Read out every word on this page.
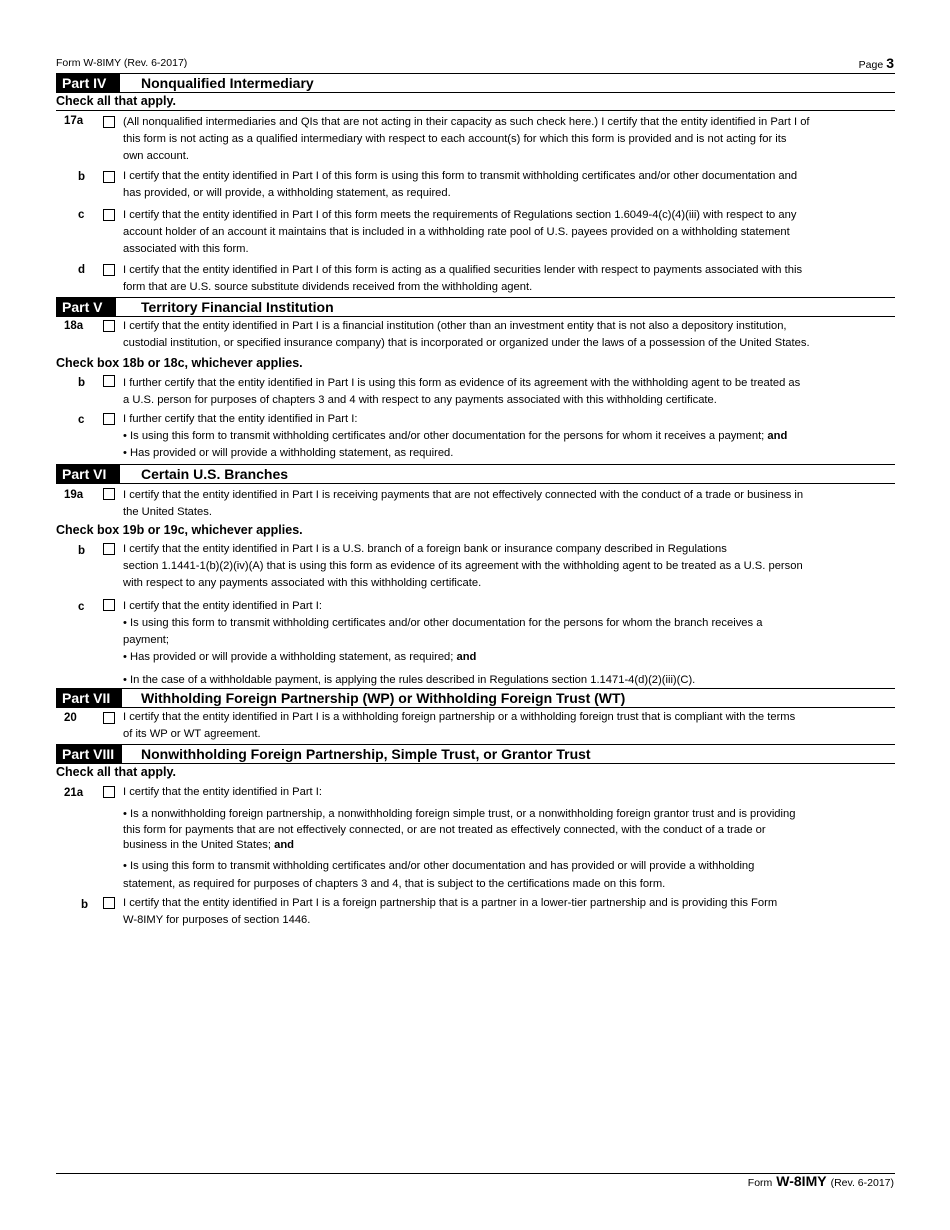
Form W-8IMY (Rev. 6-2017)	Page 3
Part IV	Nonqualified Intermediary
Check all that apply.
17a	(All nonqualified intermediaries and QIs that are not acting in their capacity as such check here.) I certify that the entity identified in Part I of
this form is not acting as a qualified intermediary with respect to each account(s) for which this form is provided and is not acting for its
own account.
b	I certify that the entity identified in Part I of this form is using this form to transmit withholding certificates and/or other documentation and
has provided, or will provide, a withholding statement, as required.
c	I certify that the entity identified in Part I of this form meets the requirements of Regulations section 1.6049-4(c)(4)(iii) with respect to any
account holder of an account it maintains that is included in a withholding rate pool of U.S. payees provided on a withholding statement
associated with this form.
d	I certify that the entity identified in Part I of this form is acting as a qualified securities lender with respect to payments associated with this
form that are U.S. source substitute dividends received from the withholding agent.
Part V	Territory Financial Institution
18a	I certify that the entity identified in Part I is a financial institution (other than an investment entity that is not also a depository institution,
custodial institution, or specified insurance company) that is incorporated or organized under the laws of a possession of the United States.
Check box 18b or 18c, whichever applies.
b	I further certify that the entity identified in Part I is using this form as evidence of its agreement with the withholding agent to be treated as
a U.S. person for purposes of chapters 3 and 4 with respect to any payments associated with this withholding certificate.
c	I further certify that the entity identified in Part I:
• Is using this form to transmit withholding certificates and/or other documentation for the persons for whom it receives a payment; and
• Has provided or will provide a withholding statement, as required.
Part VI	Certain U.S. Branches
19a	I certify that the entity identified in Part I is receiving payments that are not effectively connected with the conduct of a trade or business in
the United States.
Check box 19b or 19c, whichever applies.
b	I certify that the entity identified in Part I is a U.S. branch of a foreign bank or insurance company described in Regulations
section 1.1441-1(b)(2)(iv)(A) that is using this form as evidence of its agreement with the withholding agent to be treated as a U.S. person
with respect to any payments associated with this withholding certificate.
c	I certify that the entity identified in Part I:
• Is using this form to transmit withholding certificates and/or other documentation for the persons for whom the branch receives a
payment;
• Has provided or will provide a withholding statement, as required; and
• In the case of a withholdable payment, is applying the rules described in Regulations section 1.1471-4(d)(2)(iii)(C).
Part VII	Withholding Foreign Partnership (WP) or Withholding Foreign Trust (WT)
20	I certify that the entity identified in Part I is a withholding foreign partnership or a withholding foreign trust that is compliant with the terms
of its WP or WT agreement.
Part VIII	Nonwithholding Foreign Partnership, Simple Trust, or Grantor Trust
Check all that apply.
21a	I certify that the entity identified in Part I:
• Is a nonwithholding foreign partnership, a nonwithholding foreign simple trust, or a nonwithholding foreign grantor trust and is providing
this form for payments that are not effectively connected, or are not treated as effectively connected, with the conduct of a trade or
business in the United States; and
• Is using this form to transmit withholding certificates and/or other documentation and has provided or will provide a withholding
statement, as required for purposes of chapters 3 and 4, that is subject to the certifications made on this form.
b	I certify that the entity identified in Part I is a foreign partnership that is a partner in a lower-tier partnership and is providing this Form
W-8IMY for purposes of section 1446.
Form W-8IMY (Rev. 6-2017)
